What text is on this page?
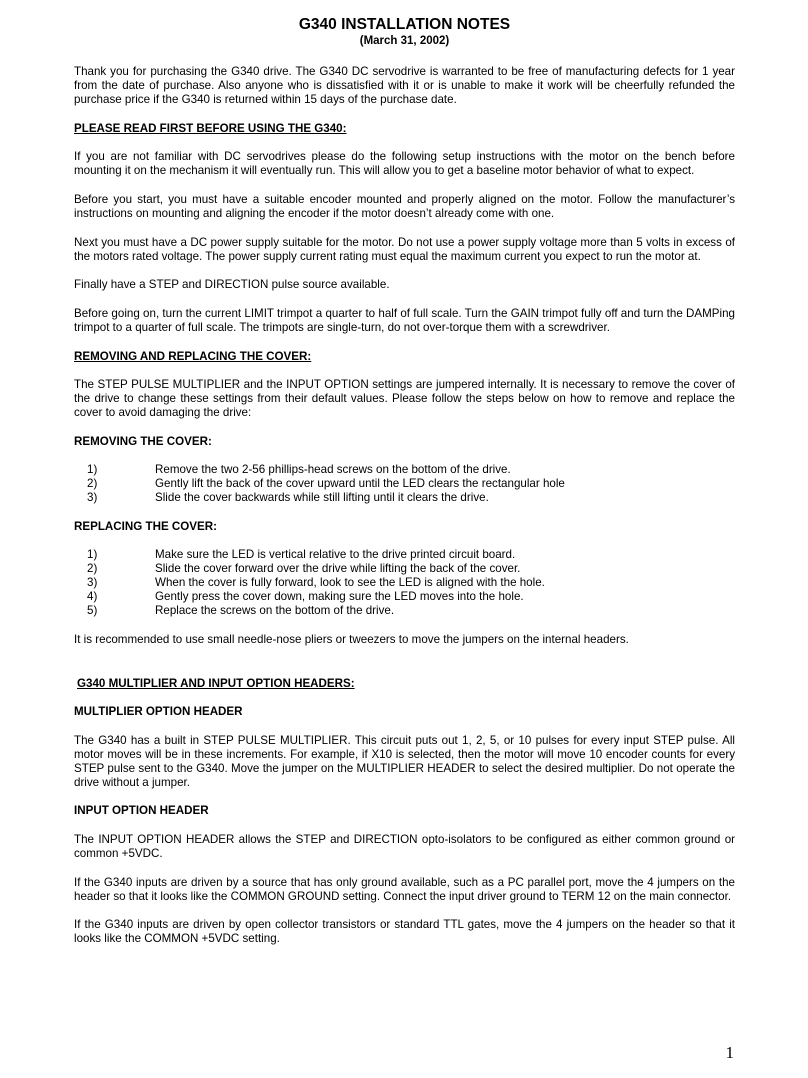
G340 INSTALLATION NOTES
(March 31, 2002)

Thank you for purchasing the G340 drive. The G340 DC servodrive is warranted to be free of manufacturing defects for 1 year from the date of purchase. Also anyone who is dissatisfied with it or is unable to make it work will be cheerfully refunded the purchase price if the G340 is returned within 15 days of the purchase date.

PLEASE READ FIRST BEFORE USING THE G340:

If you are not familiar with DC servodrives please do the following setup instructions with the motor on the bench before mounting it on the mechanism it will eventually run. This will allow you to get a baseline motor behavior of what to expect.

Before you start, you must have a suitable encoder mounted and properly aligned on the motor. Follow the manufacturer’s instructions on mounting and aligning the encoder if the motor doesn’t already come with one.

Next you must have a DC power supply suitable for the motor. Do not use a power supply voltage more than 5 volts in excess of the motors rated voltage. The power supply current rating must equal the maximum current you expect to run the motor at.

Finally have a STEP and DIRECTION pulse source available.

Before going on, turn the current LIMIT trimpot a quarter to half of full scale. Turn the GAIN trimpot fully off and turn the DAMPing trimpot to a quarter of full scale. The trimpots are single-turn, do not over-torque them with a screwdriver.

REMOVING AND REPLACING THE COVER:

The STEP PULSE MULTIPLIER and the INPUT OPTION settings are jumpered internally. It is necessary to remove the cover of the drive to change these settings from their default values. Please follow the steps below on how to remove and replace the cover to avoid damaging the drive:

REMOVING THE COVER:
1)	Remove the two 2-56 phillips-head screws on the bottom of the drive.
2)	Gently lift the back of the cover upward until the LED clears the rectangular hole
3)	Slide the cover backwards while still lifting until it clears the drive.
REPLACING THE COVER:
1)	Make sure the LED is vertical relative to the drive printed circuit board.
2)	Slide the cover forward over the drive while lifting the back of the cover.
3)	When the cover is fully forward, look to see the LED is aligned with the hole.
4)	Gently press the cover down, making sure the LED moves into the hole.
5)	Replace the screws on the bottom of the drive.

It is recommended to use small needle-nose pliers or tweezers to move the jumpers on the internal headers.

G340 MULTIPLIER AND INPUT OPTION HEADERS:
MULTIPLIER OPTION HEADER

The G340 has a built in STEP PULSE MULTIPLIER. This circuit puts out 1, 2, 5, or 10 pulses for every input STEP pulse. All motor moves will be in these increments. For example, if X10 is selected, then the motor will move 10 encoder counts for every STEP pulse sent to the G340. Move the jumper on the MULTIPLIER HEADER to select the desired multiplier. Do not operate the drive without a jumper.

INPUT OPTION HEADER

The INPUT OPTION HEADER allows the STEP and DIRECTION opto-isolators to be configured as either common ground or common +5VDC.

If the G340 inputs are driven by a source that has only ground available, such as a PC parallel port, move the 4 jumpers on the header so that it looks like the COMMON GROUND setting. Connect the input driver ground to TERM 12 on the main connector.

If the G340 inputs are driven by open collector transistors or standard TTL gates, move the 4 jumpers on the header so that it looks like the COMMON +5VDC setting.

1
